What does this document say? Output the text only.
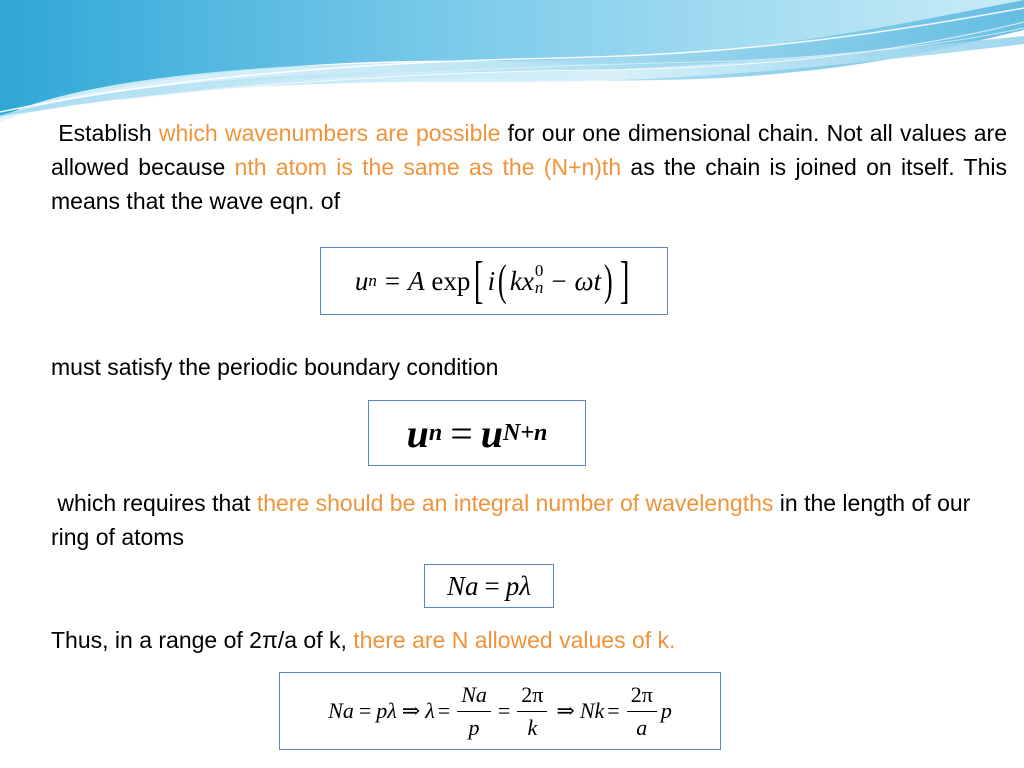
Establish which wavenumbers are possible for our one dimensional chain. Not all values are allowed because nth atom is the same as the (N+n)th as the chain is joined on itself. This means that the wave eqn. of

u n = A
exp [ i ( k x 0
n − ω t ) ]

must satisfy the periodic boundary condition

u n = u N+n

which requires that there should be an integral number of wavelengths in the length of our ring of atoms

Na = pλ

Thus, in a range of 2π/a of k, there are N allowed values of k.

Na = pλ ⇒ $\lambda = \frac{Na}{p} = \frac{2\pi}{k}$ ⇒ $Nk = \frac{2\pi}{a}$ p
